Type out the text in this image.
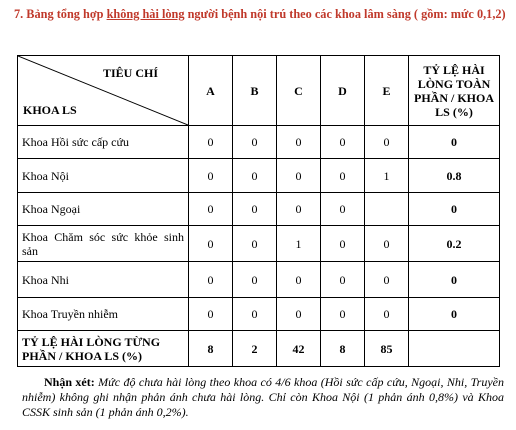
7. Bảng tổng hợp không hài lòng người bệnh nội trú theo các khoa lâm sàng ( gồm: mức 0,1,2)
TIÊU CHÍ
KHOA LS	A	B	C	D	E	TỶ LỆ HÀI LÒNG TOÀN PHẦN / KHOA LS (%)
Khoa Hồi sức cấp cứu	0	0	0	0	0	0
Khoa Nội	0	0	0	0	1	0.8
Khoa Ngoại	0	0	0	0		0
Khoa Chăm sóc sức khỏe sinh sản	0	0	1	0	0	0.2
Khoa Nhi	0	0	0	0	0	0
Khoa Truyền nhiễm	0	0	0	0	0	0
TỶ LỆ HÀI LÒNG TỪNG PHẦN / KHOA LS (%)	8	2	42	8	85	
Nhận xét: Mức độ chưa hài lòng theo khoa có 4/6 khoa (Hồi sức cấp cứu, Ngoại, Nhi, Truyền nhiễm) không ghi nhận phản ánh chưa hài lòng. Chỉ còn Khoa Nội (1 phản ánh 0,8%) và Khoa CSSK sinh sản (1 phản ánh 0,2%).
